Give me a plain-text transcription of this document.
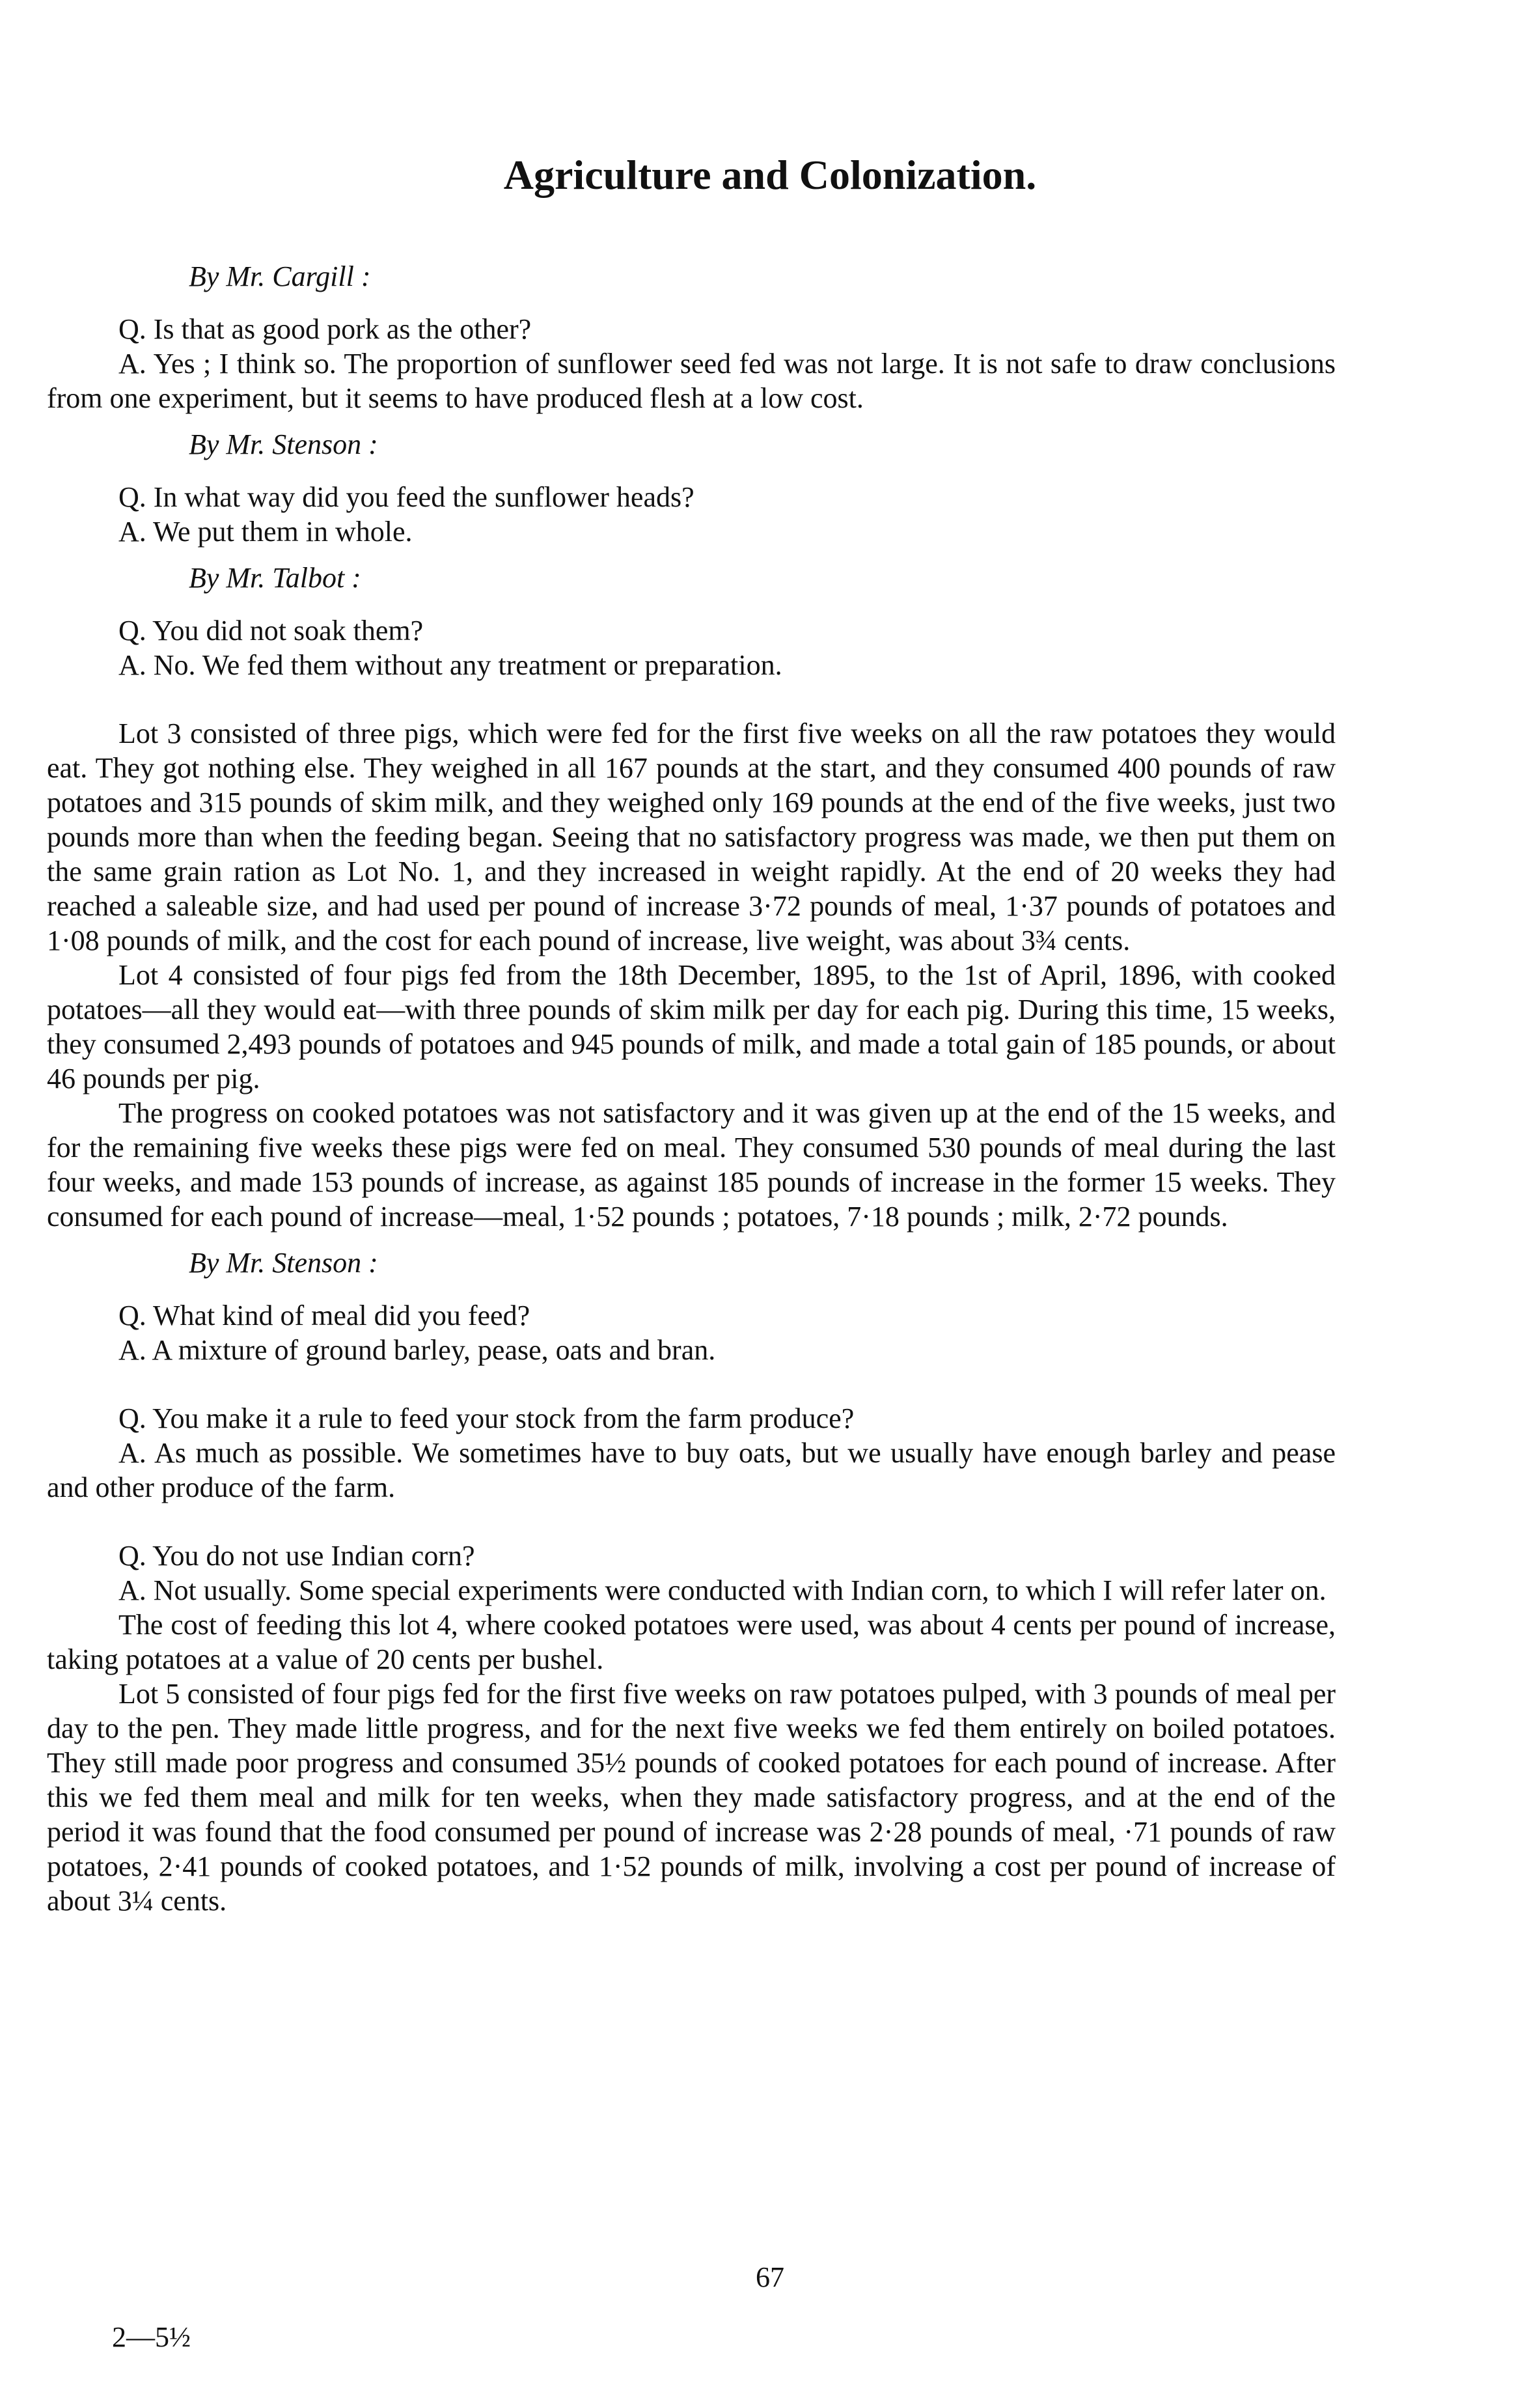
Agriculture and Colonization.

By Mr. Cargill :

Q. Is that as good pork as the other?

A. Yes ; I think so. The proportion of sunflower seed fed was not large. It is not safe to draw conclusions from one experiment, but it seems to have produced flesh at a low cost.

By Mr. Stenson :

Q. In what way did you feed the sunflower heads?

A. We put them in whole.

By Mr. Talbot :

Q. You did not soak them?

A. No. We fed them without any treatment or preparation.

Lot 3 consisted of three pigs, which were fed for the first five weeks on all the raw potatoes they would eat. They got nothing else. They weighed in all 167 pounds at the start, and they consumed 400 pounds of raw potatoes and 315 pounds of skim milk, and they weighed only 169 pounds at the end of the five weeks, just two pounds more than when the feeding began. Seeing that no satisfactory progress was made, we then put them on the same grain ration as Lot No. 1, and they increased in weight rapidly. At the end of 20 weeks they had reached a saleable size, and had used per pound of increase 3·72 pounds of meal, 1·37 pounds of potatoes and 1·08 pounds of milk, and the cost for each pound of increase, live weight, was about 3¾ cents.

Lot 4 consisted of four pigs fed from the 18th December, 1895, to the 1st of April, 1896, with cooked potatoes—all they would eat—with three pounds of skim milk per day for each pig. During this time, 15 weeks, they consumed 2,493 pounds of potatoes and 945 pounds of milk, and made a total gain of 185 pounds, or about 46 pounds per pig.

The progress on cooked potatoes was not satisfactory and it was given up at the end of the 15 weeks, and for the remaining five weeks these pigs were fed on meal. They consumed 530 pounds of meal during the last four weeks, and made 153 pounds of increase, as against 185 pounds of increase in the former 15 weeks. They consumed for each pound of increase—meal, 1·52 pounds ; potatoes, 7·18 pounds ; milk, 2·72 pounds.

By Mr. Stenson :

Q. What kind of meal did you feed?

A. A mixture of ground barley, pease, oats and bran.

Q. You make it a rule to feed your stock from the farm produce?

A. As much as possible. We sometimes have to buy oats, but we usually have enough barley and pease and other produce of the farm.

Q. You do not use Indian corn?

A. Not usually. Some special experiments were conducted with Indian corn, to which I will refer later on.

The cost of feeding this lot 4, where cooked potatoes were used, was about 4 cents per pound of increase, taking potatoes at a value of 20 cents per bushel.

Lot 5 consisted of four pigs fed for the first five weeks on raw potatoes pulped, with 3 pounds of meal per day to the pen. They made little progress, and for the next five weeks we fed them entirely on boiled potatoes. They still made poor progress and consumed 35½ pounds of cooked potatoes for each pound of increase. After this we fed them meal and milk for ten weeks, when they made satisfactory progress, and at the end of the period it was found that the food consumed per pound of increase was 2·28 pounds of meal, ·71 pounds of raw potatoes, 2·41 pounds of cooked potatoes, and 1·52 pounds of milk, involving a cost per pound of increase of about 3¼ cents.

67
2—5½
